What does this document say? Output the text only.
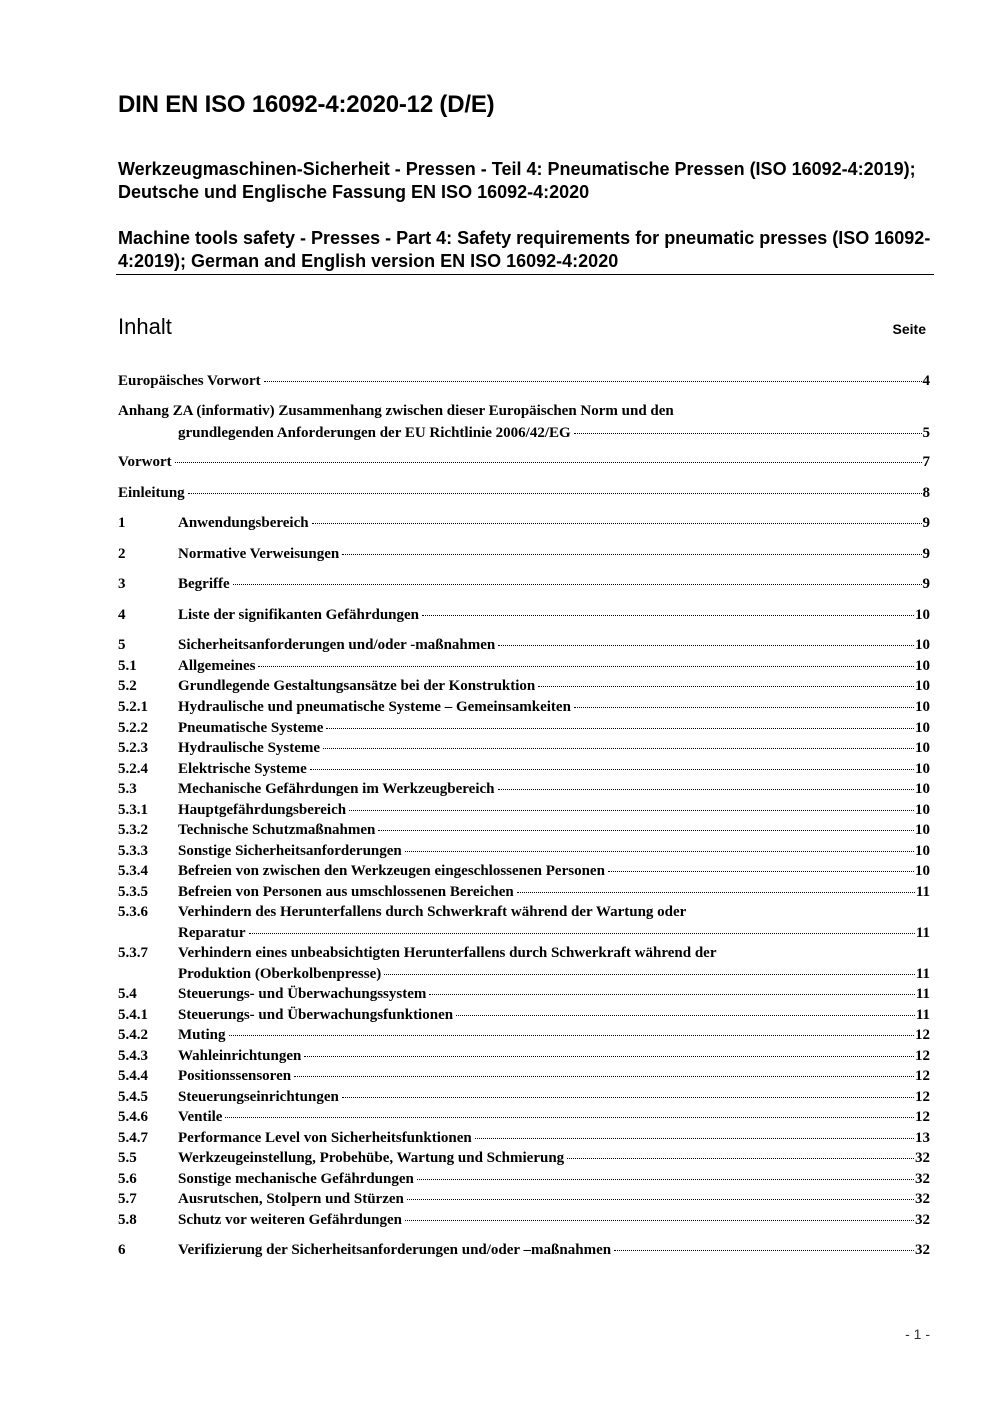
DIN EN ISO 16092-4:2020-12 (D/E)
Werkzeugmaschinen-Sicherheit - Pressen - Teil 4: Pneumatische Pressen (ISO 16092-4:2019); Deutsche und Englische Fassung EN ISO 16092-4:2020
Machine tools safety - Presses - Part 4: Safety requirements for pneumatic presses (ISO 16092-4:2019); German and English version EN ISO 16092-4:2020
Inhalt	Seite
Europäisches Vorwort	4
Anhang ZA (informativ) Zusammenhang zwischen dieser Europäischen Norm und den
grundlegenden Anforderungen der EU Richtlinie 2006/42/EG	5
Vorwort	7
Einleitung	8
1	Anwendungsbereich	9
2	Normative Verweisungen	9
3	Begriffe	9
4	Liste der signifikanten Gefährdungen	10
5	Sicherheitsanforderungen und/oder -maßnahmen	10
5.1	Allgemeines	10
5.2	Grundlegende Gestaltungsansätze bei der Konstruktion	10
5.2.1 Hydraulische und pneumatische Systeme – Gemeinsamkeiten	10
5.2.2 Pneumatische Systeme	10
5.2.3 Hydraulische Systeme	10
5.2.4 Elektrische Systeme	10
5.3	Mechanische Gefährdungen im Werkzeugbereich	10
5.3.1 Hauptgefährdungsbereich	10
5.3.2 Technische Schutzmaßnahmen	10
5.3.3 Sonstige Sicherheitsanforderungen	10
5.3.4 Befreien von zwischen den Werkzeugen eingeschlossenen Personen	10
5.3.5 Befreien von Personen aus umschlossenen Bereichen	11
5.3.6 Verhindern des Herunterfallens durch Schwerkraft während der Wartung oder
Reparatur	11
5.3.7 Verhindern eines unbeabsichtigten Herunterfallens durch Schwerkraft während der
Produktion (Oberkolbenpresse)	11
5.4	Steuerungs- und Überwachungssystem	11
5.4.1 Steuerungs- und Überwachungsfunktionen	11
5.4.2 Muting	12
5.4.3 Wahleinrichtungen	12
5.4.4 Positionssensoren	12
5.4.5 Steuerungseinrichtungen	12
5.4.6 Ventile	12
5.4.7 Performance Level von Sicherheitsfunktionen	13
5.5	Werkzeugeinstellung, Probehübe, Wartung und Schmierung	32
5.6	Sonstige mechanische Gefährdungen	32
5.7	Ausrutschen, Stolpern und Stürzen	32
5.8	Schutz vor weiteren Gefährdungen	32
6	Verifizierung der Sicherheitsanforderungen und/oder –maßnahmen	32
- 1 -
